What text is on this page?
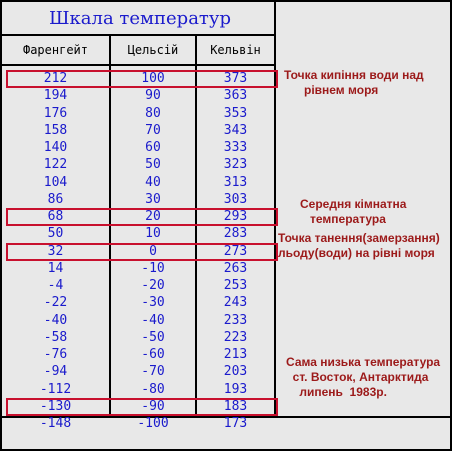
Шкала температур
Фаренгейт	Цельсій	Кельвін
212	100	373
194	90	363
176	80	353
158	70	343
140	60	333
122	50	323
104	40	313
86	30	303
68	20	293
50	10	283
32	0	273
14	-10	263
-4	-20	253
-22	-30	243
-40	-40	233
-58	-50	223
-76	-60	213
-94	-70	203
-112	-80	193
-130	-90	183
-148	-100	173
Точка кипіння води над
рівнем моря
Середня кімнатна
температура
Точка танення(замерзання)
льоду(води) на рівні моря
Сама низька температура
ст. Восток, Антарктида
липень  1983р.
